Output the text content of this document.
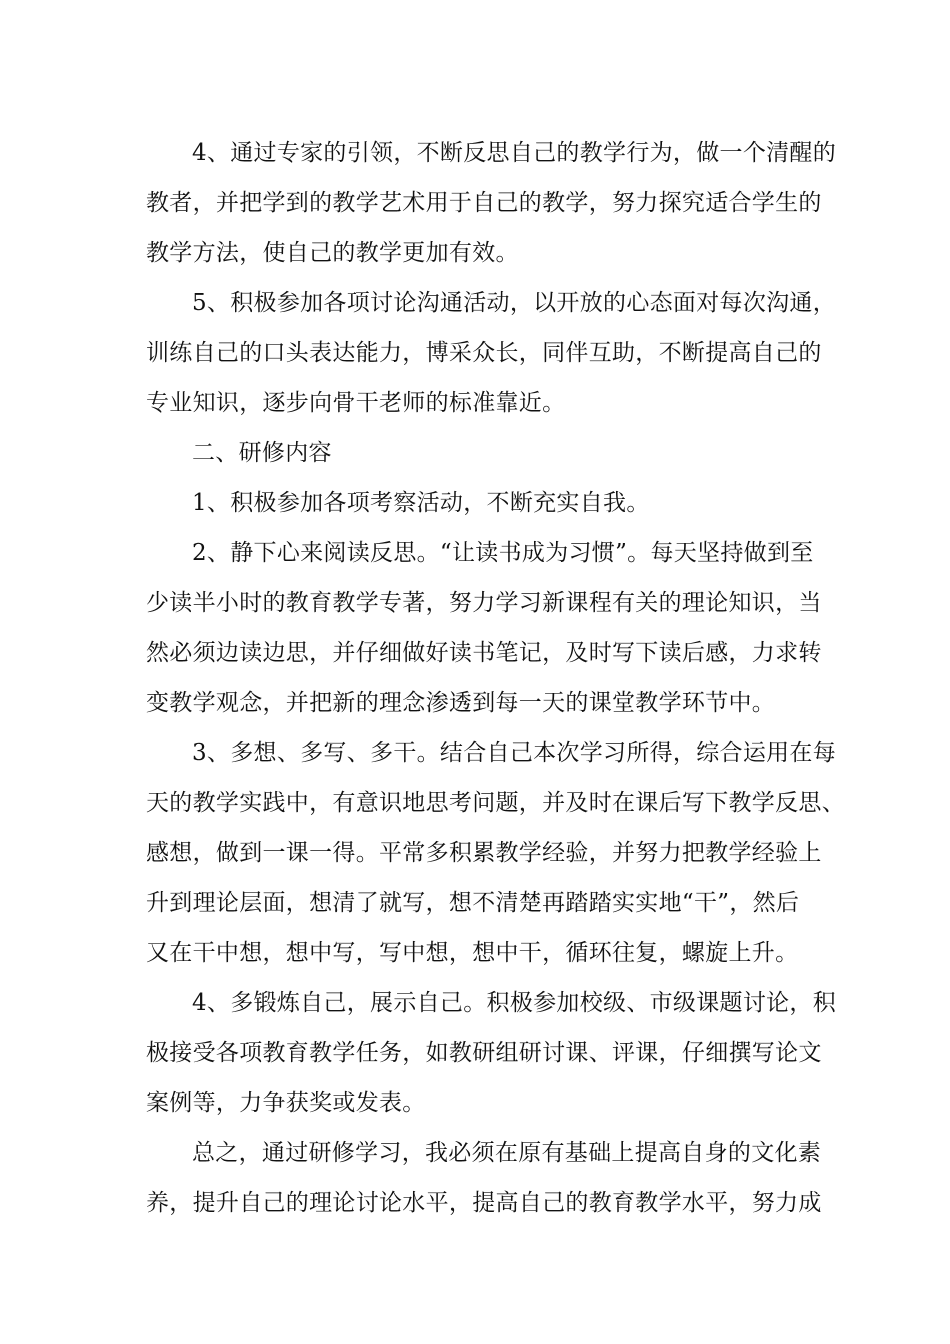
4、通过专家的引领，不断反思自己的教学行为，做一个清醒的
教者，并把学到的教学艺术用于自己的教学，努力探究适合学生的
教学方法，使自己的教学更加有效。
5、积极参加各项讨论沟通活动，以开放的心态面对每次沟通，
训练自己的口头表达能力，博采众长，同伴互助，不断提高自己的
专业知识，逐步向骨干老师的标准靠近。
二、研修内容
1、积极参加各项考察活动，不断充实自我。
2、静下心来阅读反思。“让读书成为习惯”。每天坚持做到至
少读半小时的教育教学专著，努力学习新课程有关的理论知识，当
然必须边读边思，并仔细做好读书笔记，及时写下读后感，力求转
变教学观念，并把新的理念渗透到每一天的课堂教学环节中。
3、多想、多写、多干。结合自己本次学习所得，综合运用在每
天的教学实践中，有意识地思考问题，并及时在课后写下教学反思、
感想，做到一课一得。平常多积累教学经验，并努力把教学经验上
升到理论层面，想清了就写，想不清楚再踏踏实实地“干”，然后
又在干中想，想中写，写中想，想中干，循环往复，螺旋上升。
4、多锻炼自己，展示自己。积极参加校级、市级课题讨论，积
极接受各项教育教学任务，如教研组研讨课、评课，仔细撰写论文
案例等，力争获奖或发表。
总之，通过研修学习，我必须在原有基础上提高自身的文化素
养，提升自己的理论讨论水平，提高自己的教育教学水平，努力成
